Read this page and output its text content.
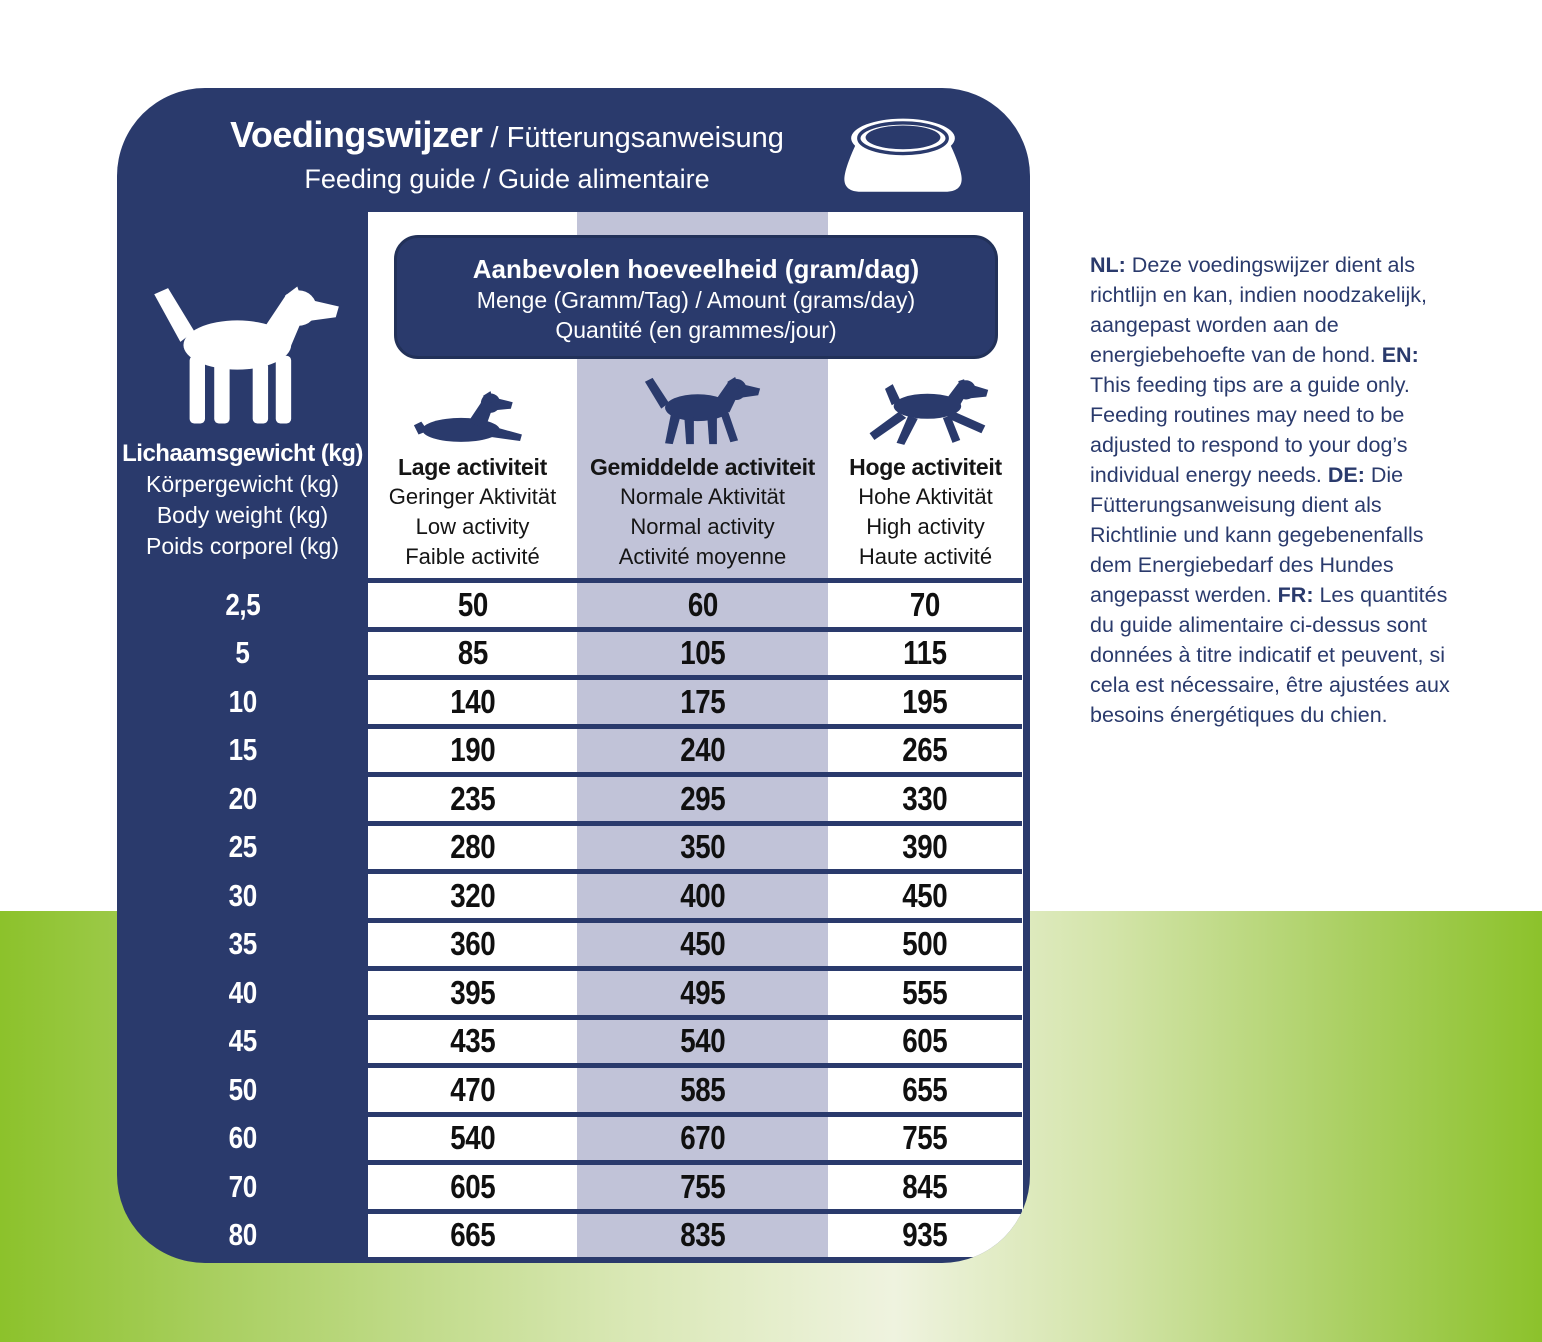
Voedingswijzer / Fütterungsanweisung
Feeding guide / Guide alimentaire
Aanbevolen hoeveelheid (gram/dag)
Menge (Gramm/Tag) / Amount (grams/day)
Quantité (en grammes/jour)
Lichaamsgewicht (kg)
Körpergewicht (kg)
Body weight (kg)
Poids corporel (kg)
Lage activiteit
Geringer Aktivität
Low activity
Faible activité
Gemiddelde activiteit
Normale Aktivität
Normal activity
Activité moyenne
Hoge activiteit
Hohe Aktivität
High activity
Haute activité
2,5	50	60	70
5	85	105	115
10	140	175	195
15	190	240	265
20	235	295	330
25	280	350	390
30	320	400	450
35	360	450	500
40	395	495	555
45	435	540	605
50	470	585	655
60	540	670	755
70	605	755	845
80	665	835	935
NL: Deze voedingswijzer dient als richtlijn en kan, indien noodzakelijk, aangepast worden aan de energiebehoefte van de hond. EN: This feeding tips are a guide only. Feeding routines may need to be adjusted to respond to your dog’s individual energy needs. DE: Die Fütterungsanweisung dient als Richtlinie und kann gegebenenfalls dem Energiebedarf des Hundes angepasst werden. FR: Les quantités du guide alimentaire ci-dessus sont données à titre indicatif et peuvent, si cela est nécessaire, être ajustées aux besoins énergétiques du chien.
